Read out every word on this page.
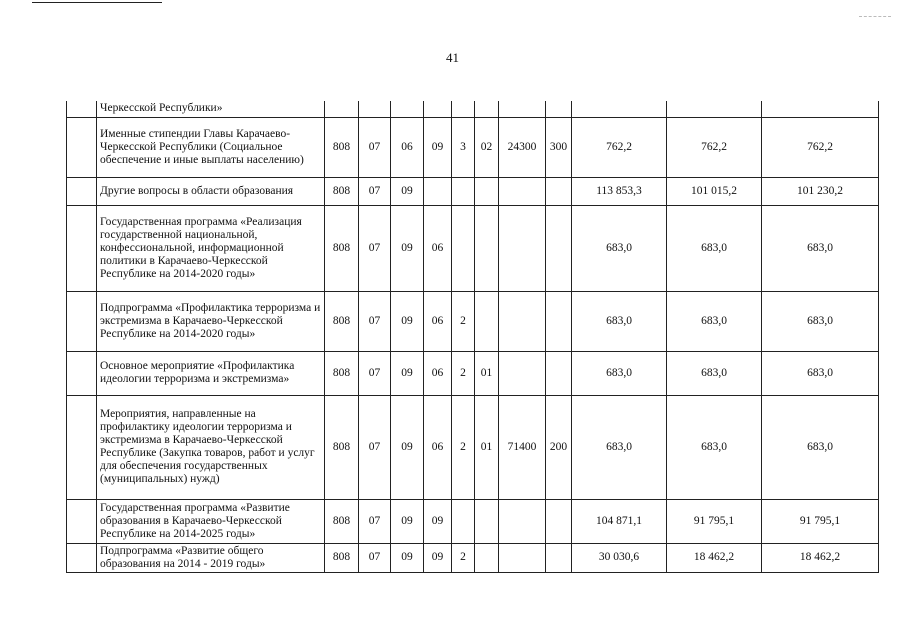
41
	Черкесской Республики»											
	Именные стипендии Главы Карачаево-Черкесской Республики (Социальное обеспечение и иные выплаты населению)	808	07	06	09	3	02	24300	300	762,2	762,2	762,2
	Другие вопросы в области образования	808	07	09						113 853,3	101 015,2	101 230,2
	Государственная программа «Реализация государственной национальной, конфессиональной, информационной политики в Карачаево-Черкесской Республике на 2014-2020 годы»	808	07	09	06					683,0	683,0	683,0
	Подпрограмма «Профилактика терроризма и экстремизма в Карачаево-Черкесской Республике на 2014-2020 годы»	808	07	09	06	2				683,0	683,0	683,0
	Основное мероприятие «Профилактика идеологии терроризма и экстремизма»	808	07	09	06	2	01			683,0	683,0	683,0
	Мероприятия, направленные на профилактику идеологии терроризма и экстремизма в Карачаево-Черкесской Республике (Закупка товаров, работ и услуг для обеспечения государственных (муниципальных) нужд)	808	07	09	06	2	01	71400	200	683,0	683,0	683,0
	Государственная программа «Развитие образования в Карачаево-Черкесской Республике на 2014-2025 годы»	808	07	09	09					104 871,1	91 795,1	91 795,1
	Подпрограмма «Развитие общего образования на 2014 - 2019 годы»	808	07	09	09	2				30 030,6	18 462,2	18 462,2
